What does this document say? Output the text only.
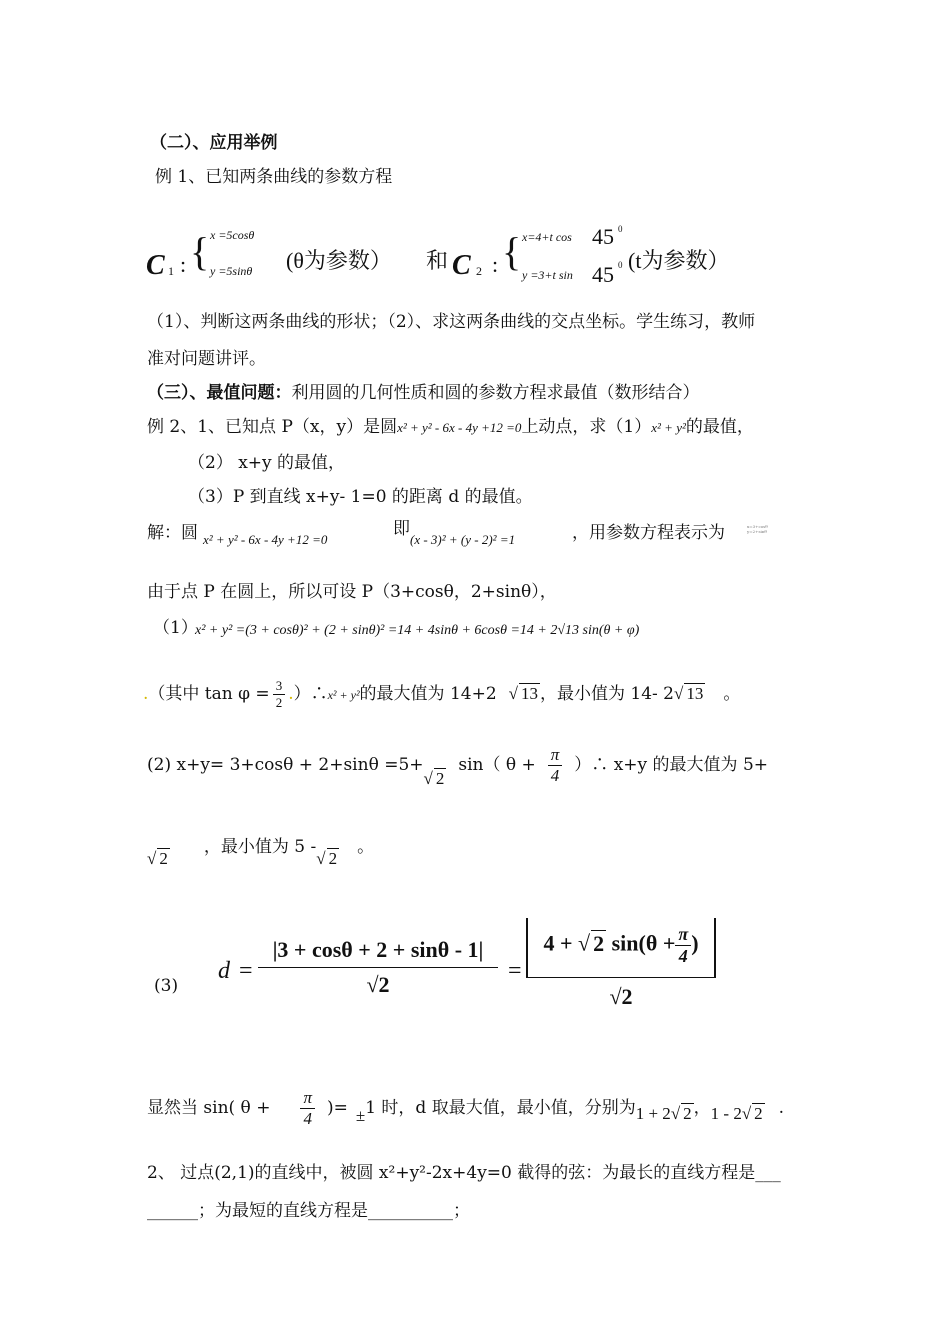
（二）、应用举例
例 1、已知两条曲线的参数方程
C 1 : { x =5cosθ
y =5sinθ (θ为参数） 和 C 2 : { x=4+t cos 45 0
y =3+t sin 45 0 (t为参数）
（1）、判断这两条曲线的形状；（2）、求这两条曲线的交点坐标。学生练习，教师
准对问题讲评。
（三）、最值问题：利用圆的几何性质和圆的参数方程求最值（数形结合）
例 2、1、已知点 P（x，y）是圆x² + y² - 6x - 4y +12 =0上动点，求（1）x² + y²的最值，
（2） x+y 的最值，
（3）P 到直线 x+y- 1=0 的距离 d 的最值。
解：圆 x² + y² - 6x - 4y +12 =0
即
(x - 3)² + (y - 2)² =1	，用参数方程表示为	x=3+cosθ
y=2+sinθ
由于点 P 在圆上，所以可设 P（3+cosθ，2+sinθ），
（1）
x² + y² =(3 + cosθ)² + (2 + sinθ)² =14 + 4sinθ + 6cosθ =14 + 2√13 sin(θ + φ)
.（其中 $\tan \varphi = \frac{3}{2}$ .）∴x² + y²的最大值为 14+2 √ 13 ，最小值为 14- 2√ 13 。
(2) x+y= 3+cosθ + 2+sinθ =5+√ 2sin（ $\theta + \frac{\pi}{4}$ ）∴ x+y 的最大值为 5+
√ 2，最小值为 5 -√ 2。
(3)
d =
|3 + cosθ + 2 + sinθ - 1|
√2
=
4 + √ 2 $\sin(\theta + \frac{\pi}{4}$ )
√2
显然当 sin( $\theta + \frac{\pi}{4}$ )= ±1 时，d 取最大值，最小值，分别为1 + 2√ 2 ，1 - 2√ 2 .
2、 过点(2,1)的直线中，被圆 x²+y²-2x+4y=0 截得的弦：为最长的直线方程是___
______；为最短的直线方程是__________；
